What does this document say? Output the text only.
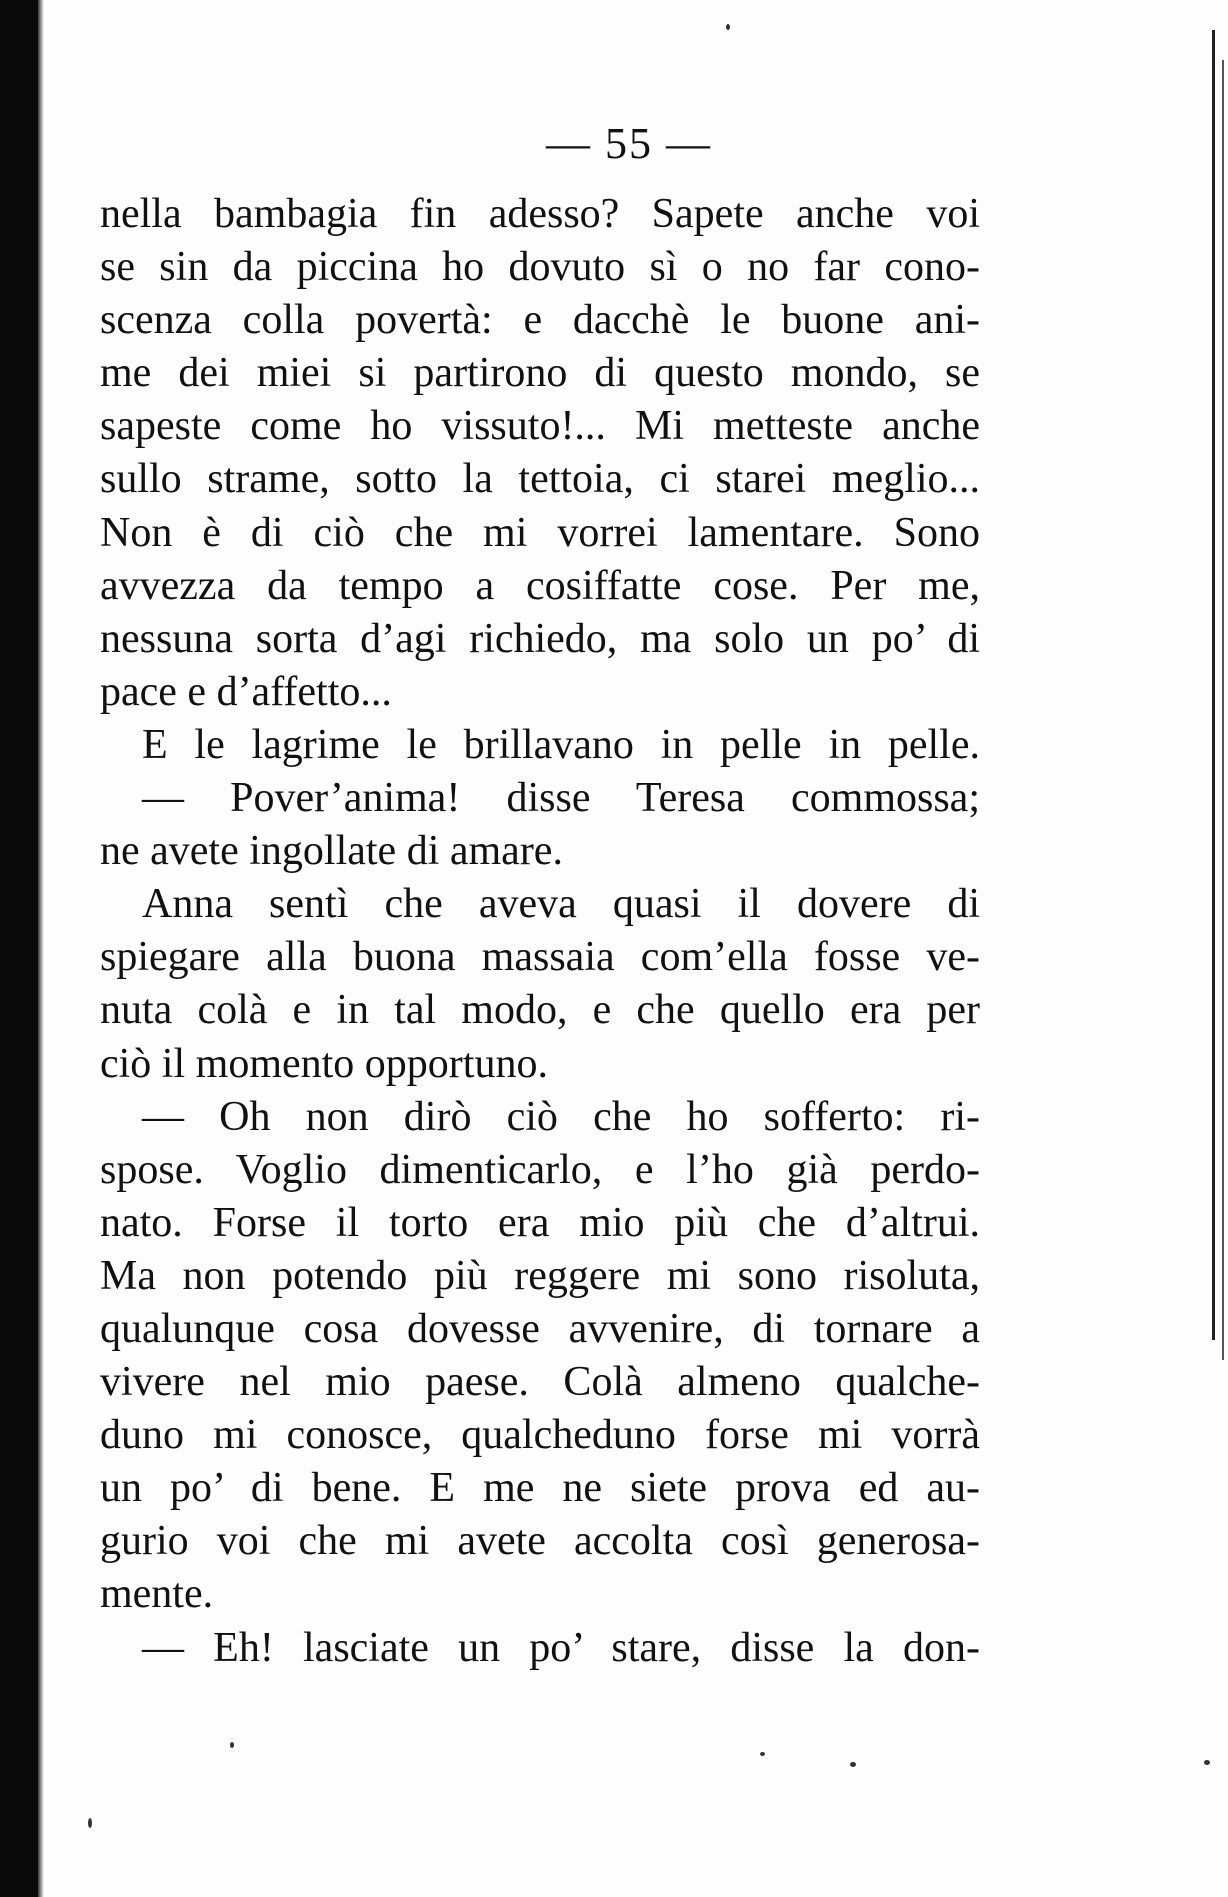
— 55 —
nella bambagia fin adesso? Sapete anche voi
se sin da piccina ho dovuto sì o no far cono-
scenza colla povertà: e dacchè le buone ani-
me dei miei si partirono di questo mondo, se
sapeste come ho vissuto!... Mi metteste anche
sullo strame, sotto la tettoia, ci starei meglio...
Non è di ciò che mi vorrei lamentare. Sono
avvezza da tempo a cosiffatte cose. Per me,
nessuna sorta d’agi richiedo, ma solo un po’ di
pace e d’affetto...
E le lagrime le brillavano in pelle in pelle.
— Pover’anima! disse Teresa commossa;
ne avete ingollate di amare.
Anna sentì che aveva quasi il dovere di
spiegare alla buona massaia com’ella fosse ve-
nuta colà e in tal modo, e che quello era per
ciò il momento opportuno.
— Oh non dirò ciò che ho sofferto: ri-
spose. Voglio dimenticarlo, e l’ho già perdo-
nato. Forse il torto era mio più che d’altrui.
Ma non potendo più reggere mi sono risoluta,
qualunque cosa dovesse avvenire, di tornare a
vivere nel mio paese. Colà almeno qualche-
duno mi conosce, qualcheduno forse mi vorrà
un po’ di bene. E me ne siete prova ed au-
gurio voi che mi avete accolta così generosa-
mente.
— Eh! lasciate un po’ stare, disse la don-
